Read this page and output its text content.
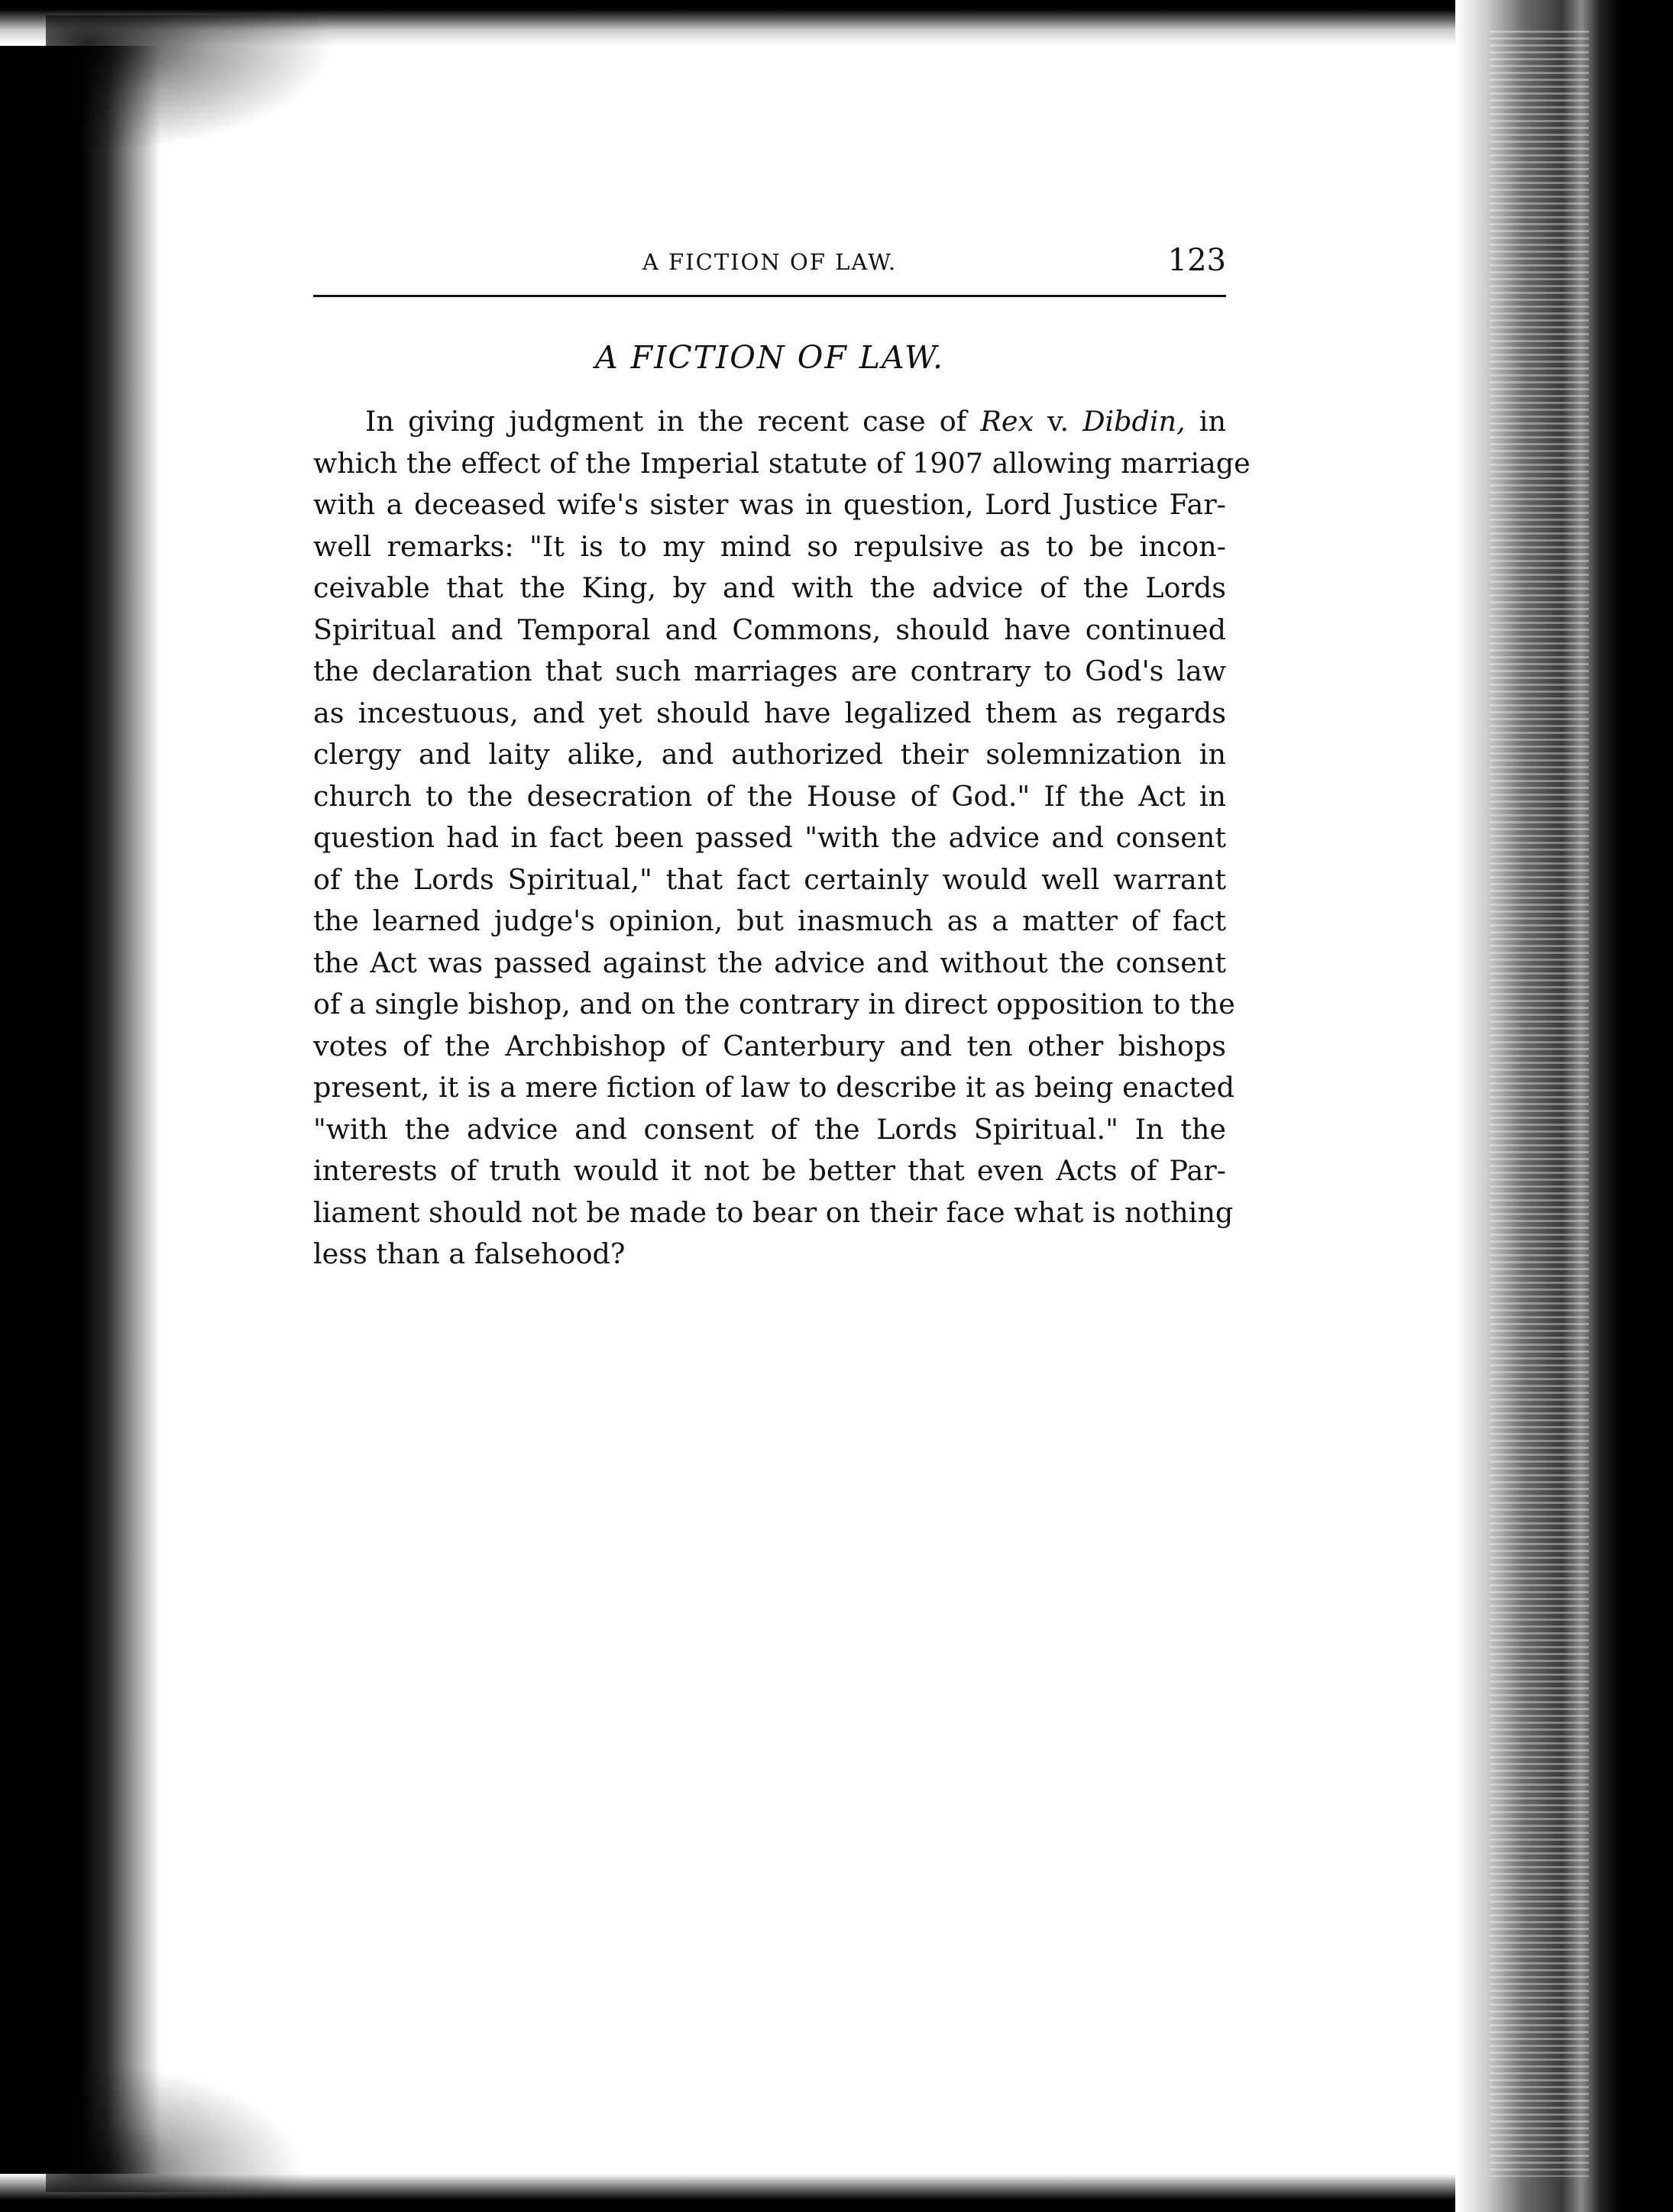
A FICTION OF LAW.	123
A FICTION OF LAW.
In giving judgment in the recent case of Rex v. Dibdin, in
which the effect of the Imperial statute of 1907 allowing marriage
with a deceased wife's sister was in question, Lord Justice Far-
well remarks: "It is to my mind so repulsive as to be incon-
ceivable that the King, by and with the advice of the Lords
Spiritual and Temporal and Commons, should have continued
the declaration that such marriages are contrary to God's law
as incestuous, and yet should have legalized them as regards
clergy and laity alike, and authorized their solemnization in
church to the desecration of the House of God." If the Act in
question had in fact been passed "with the advice and consent
of the Lords Spiritual," that fact certainly would well warrant
the learned judge's opinion, but inasmuch as a matter of fact
the Act was passed against the advice and without the consent
of a single bishop, and on the contrary in direct opposition to the
votes of the Archbishop of Canterbury and ten other bishops
present, it is a mere fiction of law to describe it as being enacted
"with the advice and consent of the Lords Spiritual." In the
interests of truth would it not be better that even Acts of Par-
liament should not be made to bear on their face what is nothing
less than a falsehood?
